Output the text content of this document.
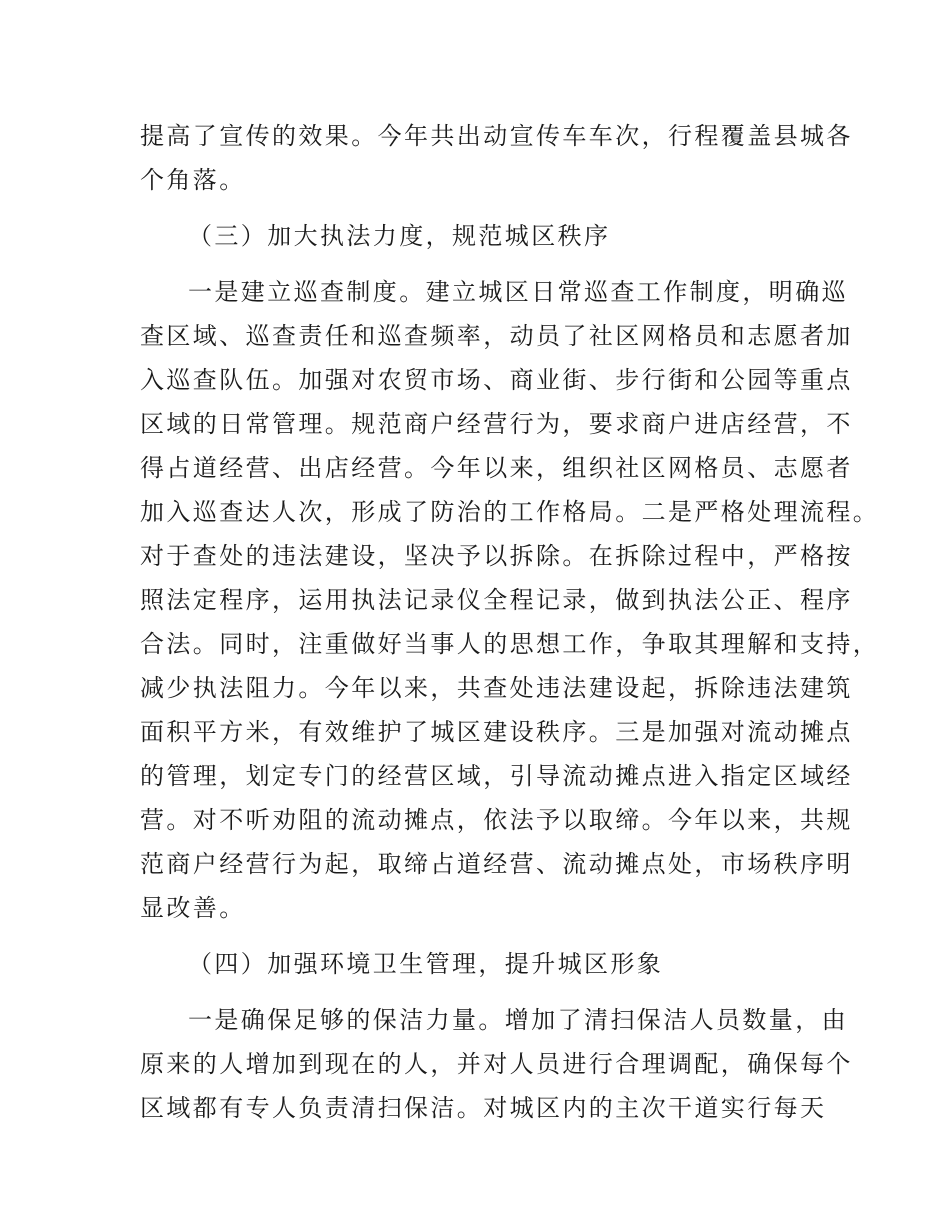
提高了宣传的效果。今年共出动宣传车车次，行程覆盖县城各
个角落。
（三）加大执法力度，规范城区秩序
一是建立巡查制度。建立城区日常巡查工作制度，明确巡
查区域、巡查责任和巡查频率，动员了社区网格员和志愿者加
入巡查队伍。加强对农贸市场、商业街、步行街和公园等重点
区域的日常管理。规范商户经营行为，要求商户进店经营，不
得占道经营、出店经营。今年以来，组织社区网格员、志愿者
加入巡查达人次，形成了防治的工作格局。二是严格处理流程。
对于查处的违法建设，坚决予以拆除。在拆除过程中，严格按
照法定程序，运用执法记录仪全程记录，做到执法公正、程序
合法。同时，注重做好当事人的思想工作，争取其理解和支持，
减少执法阻力。今年以来，共查处违法建设起，拆除违法建筑
面积平方米，有效维护了城区建设秩序。三是加强对流动摊点
的管理，划定专门的经营区域，引导流动摊点进入指定区域经
营。对不听劝阻的流动摊点，依法予以取缔。今年以来，共规
范商户经营行为起，取缔占道经营、流动摊点处，市场秩序明
显改善。
（四）加强环境卫生管理，提升城区形象
一是确保足够的保洁力量。增加了清扫保洁人员数量，由
原来的人增加到现在的人，并对人员进行合理调配，确保每个
区域都有专人负责清扫保洁。对城区内的主次干道实行每天
